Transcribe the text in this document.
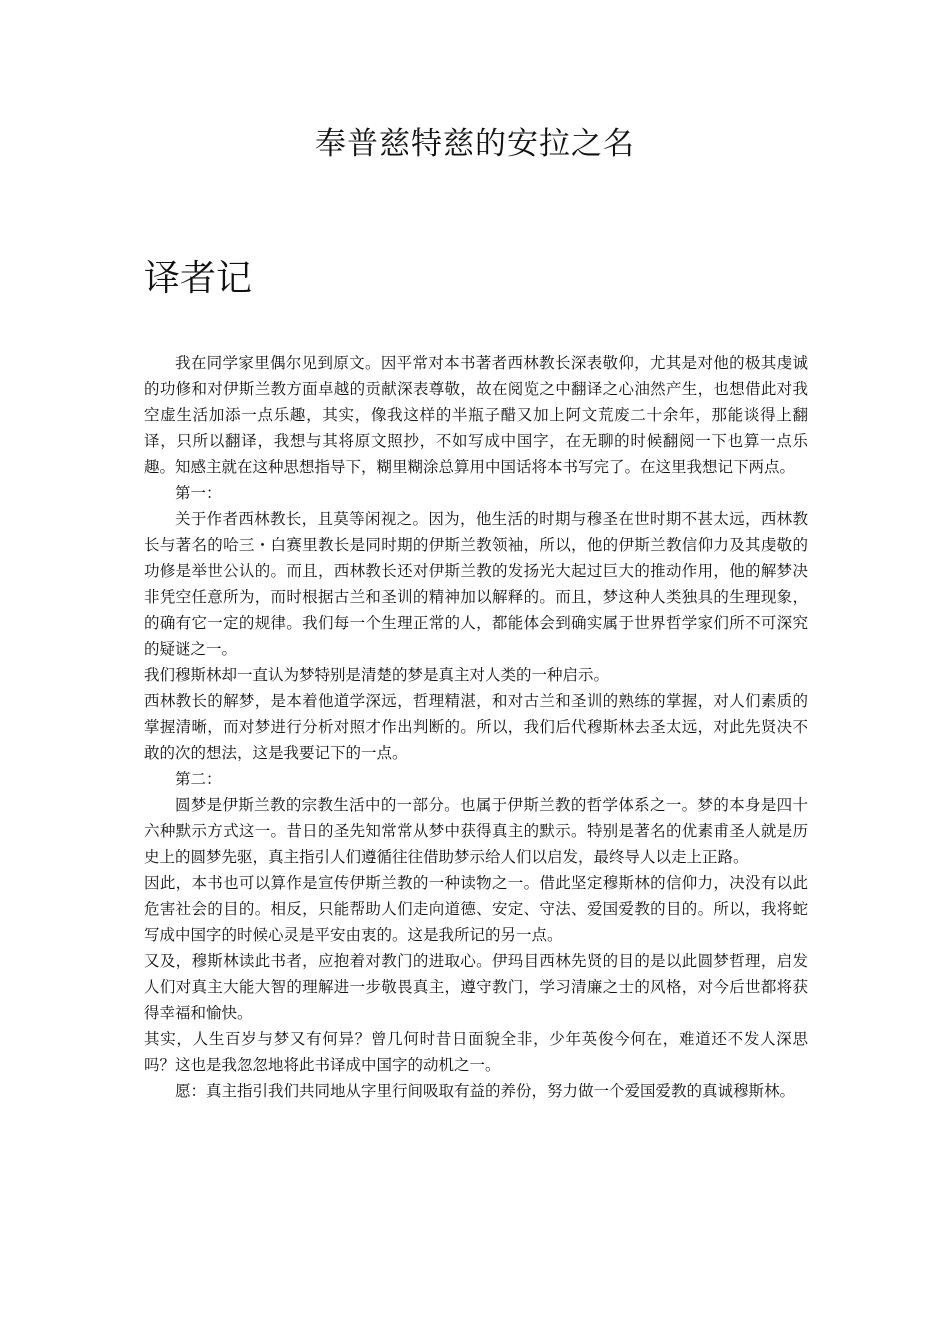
奉普慈特慈的安拉之名
译者记

我在同学家里偶尔见到原文。因平常对本书著者西林教长深表敬仰，尤其是对他的极其虔诚的功修和对伊斯兰教方面卓越的贡献深表尊敬，故在阅览之中翻译之心油然产生，也想借此对我空虚生活加添一点乐趣，其实，像我这样的半瓶子醋又加上阿文荒废二十余年，那能谈得上翻译，只所以翻译，我想与其将原文照抄，不如写成中国字，在无聊的时候翻阅一下也算一点乐趣。知感主就在这种思想指导下，糊里糊涂总算用中国话将本书写完了。在这里我想记下两点。

第一：

关于作者西林教长，且莫等闲视之。因为，他生活的时期与穆圣在世时期不甚太远，西林教长与著名的哈三・白赛里教长是同时期的伊斯兰教领袖，所以，他的伊斯兰教信仰力及其虔敬的功修是举世公认的。而且，西林教长还对伊斯兰教的发扬光大起过巨大的推动作用，他的解梦决非凭空任意所为，而时根据古兰和圣训的精神加以解释的。而且，梦这种人类独具的生理现象，的确有它一定的规律。我们每一个生理正常的人，都能体会到确实属于世界哲学家们所不可深究的疑谜之一。

我们穆斯林却一直认为梦特别是清楚的梦是真主对人类的一种启示。

西林教长的解梦，是本着他道学深远，哲理精湛，和对古兰和圣训的熟练的掌握，对人们素质的掌握清晰，而对梦进行分析对照才作出判断的。所以，我们后代穆斯林去圣太远，对此先贤决不敢的次的想法，这是我要记下的一点。

第二：

圆梦是伊斯兰教的宗教生活中的一部分。也属于伊斯兰教的哲学体系之一。梦的本身是四十六种默示方式这一。昔日的圣先知常常从梦中获得真主的默示。特别是著名的优素甫圣人就是历史上的圆梦先驱，真主指引人们遵循往往借助梦示给人们以启发，最终导人以走上正路。

因此，本书也可以算作是宣传伊斯兰教的一种读物之一。借此坚定穆斯林的信仰力，决没有以此危害社会的目的。相反，只能帮助人们走向道德、安定、守法、爱国爱教的目的。所以，我将蛇写成中国字的时候心灵是平安由衷的。这是我所记的另一点。

又及，穆斯林读此书者，应抱着对教门的进取心。伊玛目西林先贤的目的是以此圆梦哲理，启发人们对真主大能大智的理解进一步敬畏真主，遵守教门，学习清廉之士的风格，对今后世都将获得幸福和愉快。

其实，人生百岁与梦又有何异？曾几何时昔日面貌全非，少年英俊今何在，难道还不发人深思吗？这也是我忽忽地将此书译成中国字的动机之一。

愿：真主指引我们共同地从字里行间吸取有益的养份，努力做一个爱国爱教的真诚穆斯林。
